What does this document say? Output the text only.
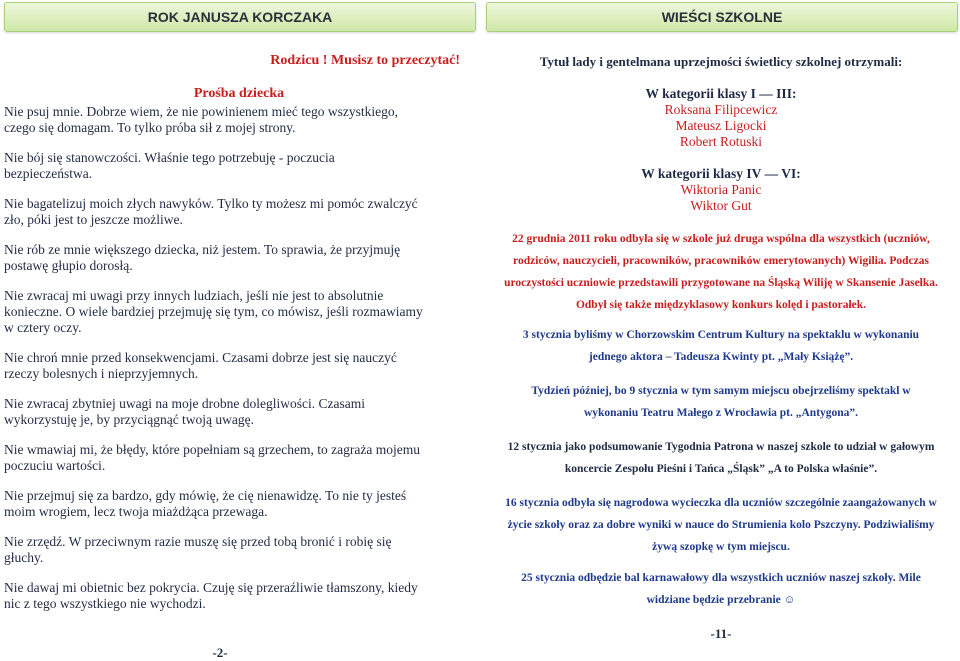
ROK JANUSZA KORCZAKA
Rodzicu ! Musisz to przeczytać!
Prośba dziecka

Nie psuj mnie. Dobrze wiem, że nie powinienem mieć tego wszystkiego, czego się domagam. To tylko próba sił z mojej strony.

Nie bój się stanowczości. Właśnie tego potrzebuję - poczucia bezpieczeństwa.

Nie bagatelizuj moich złych nawyków. Tylko ty możesz mi pomóc zwalczyć zło, póki jest to jeszcze możliwe.

Nie rób ze mnie większego dziecka, niż jestem. To sprawia, że przyjmuję postawę głupio dorosłą.

Nie zwracaj mi uwagi przy innych ludziach, jeśli nie jest to absolutnie konieczne. O wiele bardziej przejmuję się tym, co mówisz, jeśli rozmawiamy w cztery oczy.

Nie chroń mnie przed konsekwencjami. Czasami dobrze jest się nauczyć rzeczy bolesnych i nieprzyjemnych.

Nie zwracaj zbytniej uwagi na moje drobne dolegliwości. Czasami wykorzystuję je, by przyciągnąć twoją uwagę.

Nie wmawiaj mi, że błędy, które popełniam są grzechem, to zagraża mojemu poczuciu wartości.

Nie przejmuj się za bardzo, gdy mówię, że cię nienawidzę. To nie ty jesteś moim wrogiem, lecz twoja miażdżąca przewaga.

Nie zrzędź. W przeciwnym razie muszę się przed tobą bronić i robię się głuchy.

Nie dawaj mi obietnic bez pokrycia. Czuję się przeraźliwie tłamszony, kiedy nic z tego wszystkiego nie wychodzi.

-2-
WIEŚCI SZKOLNE
Tytuł lady i gentelmana uprzejmości świetlicy szkolnej otrzymali:
W kategorii klasy I — III:
Roksana Filipcewicz
Mateusz Ligocki
Robert Rotuski
W kategorii klasy IV — VI:
Wiktoria Panic
Wiktor Gut
22 grudnia 2011 roku odbyła się w szkole już druga wspólna dla wszystkich (uczniów,
rodziców, nauczycieli, pracowników, pracowników emerytowanych) Wigilia. Podczas
uroczystości uczniowie przedstawili przygotowane na Śląską Wiliję w Skansenie Jasełka.
Odbył się także międzyklasowy konkurs kolęd i pastorałek.
3 stycznia byliśmy w Chorzowskim Centrum Kultury na spektaklu w wykonaniu
jednego aktora – Tadeusza Kwinty pt. „Mały Książę”.
Tydzień później, bo 9 stycznia w tym samym miejscu obejrzeliśmy spektakl w
wykonaniu Teatru Małego z Wrocławia pt. „Antygona”.
12 stycznia jako podsumowanie Tygodnia Patrona w naszej szkole to udział w gałowym
koncercie Zespołu Pieśni i Tańca „Śląsk” „A to Polska właśnie”.
16 stycznia odbyła się nagrodowa wycieczka dla uczniów szczególnie zaangażowanych w
życie szkoły oraz za dobre wyniki w nauce do Strumienia kolo Pszczyny. Podziwialiśmy
żywą szopkę w tym miejscu.
25 stycznia odbędzie bal karnawałowy dla wszystkich uczniów naszej szkoły. Mile
widziane będzie przebranie ☺
-11-
